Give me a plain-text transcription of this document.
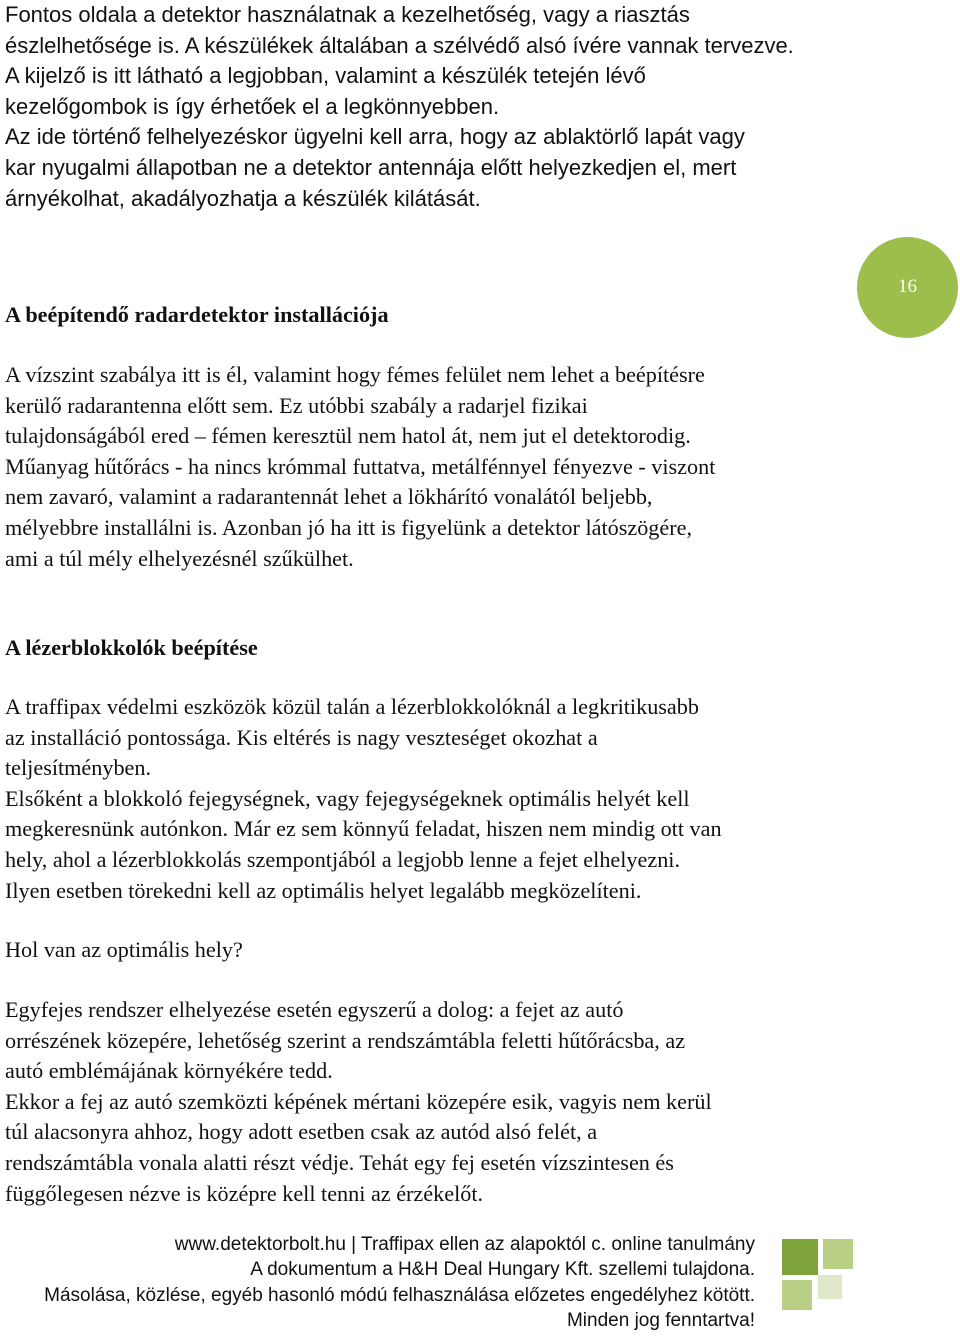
Fontos oldala a detektor használatnak a kezelhetőség, vagy a riasztás

észlelhetősége is. A készülékek általában a szélvédő alsó ívére vannak tervezve.

A kijelző is itt látható a legjobban, valamint a készülék tetején lévő

kezelőgombok is így érhetőek el a legkönnyebben.

Az ide történő felhelyezéskor ügyelni kell arra, hogy az ablaktörlő lapát vagy

kar nyugalmi állapotban ne a detektor antennája előtt helyezkedjen el, mert

árnyékolhat, akadályozhatja a készülék kilátását.

16
A beépítendő radardetektor installációja

A vízszint szabálya itt is él, valamint hogy fémes felület nem lehet a beépítésre

kerülő radarantenna előtt sem. Ez utóbbi szabály a radarjel fizikai

tulajdonságából ered – fémen keresztül nem hatol át, nem jut el detektorodig.

Műanyag hűtőrács - ha nincs krómmal futtatva, metálfénnyel fényezve - viszont

nem zavaró, valamint a radarantennát lehet a lökhárító vonalától beljebb,

mélyebbre installálni is. Azonban jó ha itt is figyelünk a detektor látószögére,

ami a túl mély elhelyezésnél szűkülhet.

A lézerblokkolók beépítése

A traffipax védelmi eszközök közül talán a lézerblokkolóknál a legkritikusabb

az installáció pontossága. Kis eltérés is nagy veszteséget okozhat a

teljesítményben.

Elsőként a blokkoló fejegységnek, vagy fejegységeknek optimális helyét kell

megkeresnünk autónkon. Már ez sem könnyű feladat, hiszen nem mindig ott van

hely, ahol a lézerblokkolás szempontjából a legjobb lenne a fejet elhelyezni.

Ilyen esetben törekedni kell az optimális helyet legalább megközelíteni.

Hol van az optimális hely?

Egyfejes rendszer elhelyezése esetén egyszerű a dolog: a fejet az autó

orrészének közepére, lehetőség szerint a rendszámtábla feletti hűtőrácsba, az

autó emblémájának környékére tedd.

Ekkor a fej az autó szemközti képének mértani közepére esik, vagyis nem kerül

túl alacsonyra ahhoz, hogy adott esetben csak az autód alsó felét, a

rendszámtábla vonala alatti részt védje. Tehát egy fej esetén vízszintesen és

függőlegesen nézve is középre kell tenni az érzékelőt.

www.detektorbolt.hu | Traffipax ellen az alapoktól c. online tanulmány
A dokumentum a H&H Deal Hungary Kft. szellemi tulajdona.
Másolása, közlése, egyéb hasonló módú felhasználása előzetes engedélyhez kötött.
Minden jog fenntartva!
